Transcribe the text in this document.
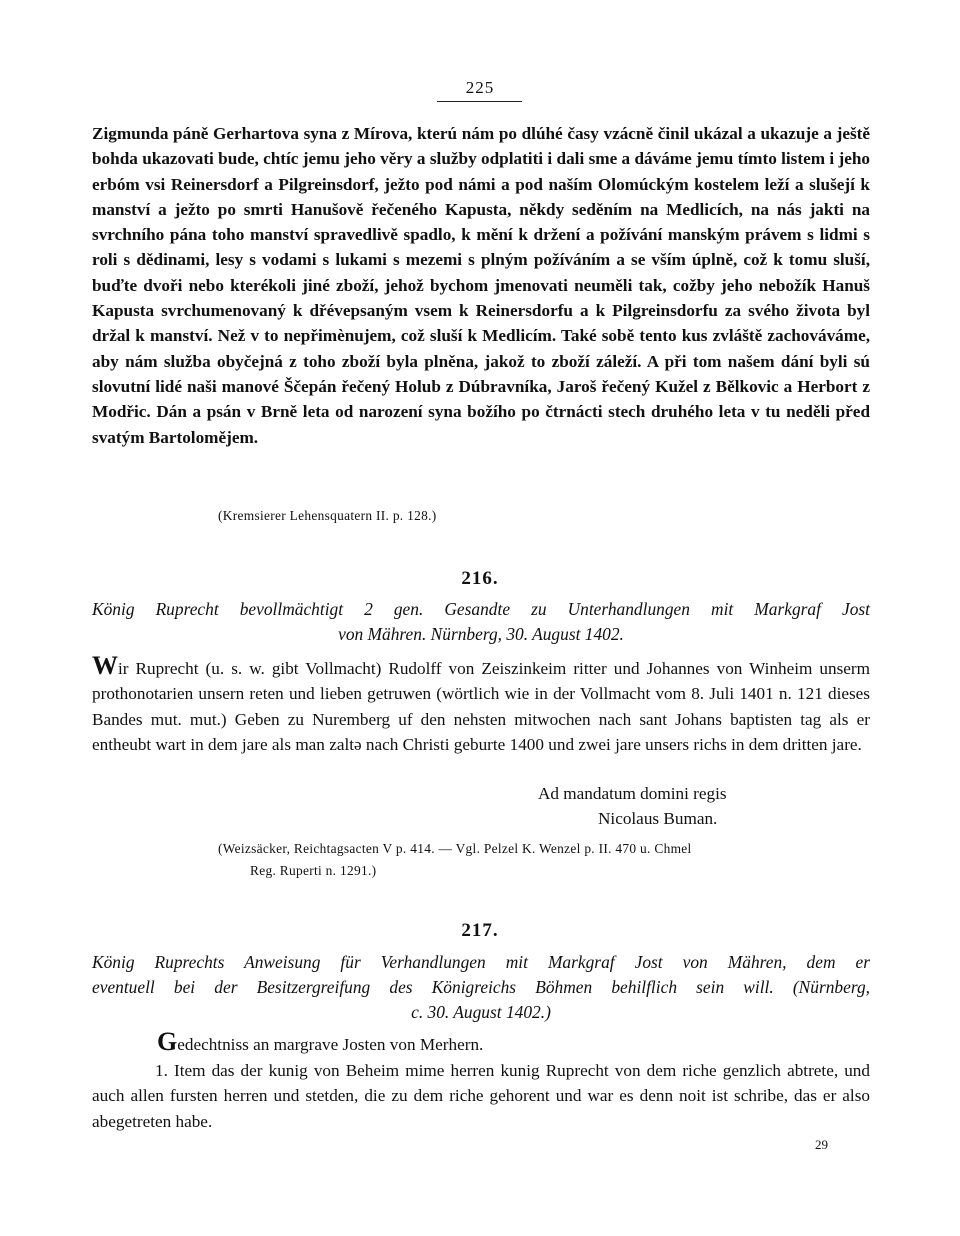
225

Zigmunda páně Gerhartova syna z Mírova, kterú nám po dlúhé časy vzácně činil ukázal a ukazuje a ještě bohda ukazovati bude, chtíc jemu jeho věry a služby odplatiti i dali sme a dáváme jemu tímto listem i jeho erbóm vsi Reinersdorf a Pilgreinsdorf, ježto pod námi a pod naším Olomúckým kostelem leží a slušejí k manství a ježto po smrti Hanušově řečeného Kapusta, někdy seděním na Medlicích, na nás jakti na svrchního pána toho manství spravedlivě spadlo, k mění k držení a požívání manským právem s lidmi s roli s dědinami, lesy s vodami s lukami s mezemi s plným požíváním a se vším úplně, což k tomu sluší, buďte dvoři nebo kterékoli jiné zboží, jehož bychom jmenovati neuměli tak, cožby jeho nebožík Hanuš Kapusta svrchumenovaný k dřévepsaným vsem k Reinersdorfu a k Pilgreinsdorfu za svého života byl držal k manství. Než v to nepřimènujem, což sluší k Medlicím. Také sobě tento kus zvláště zachováváme, aby nám služba obyčejná z toho zboží byla plněna, jakož to zboží záleží. A při tom našem dání byli sú slovutní lidé naši manové Ščepán řečený Holub z Dúbravníka, Jaroš řečený Kužel z Bělkovic a Herbort z Modřic. Dán a psán v Brně leta od narození syna božího po čtrnácti stech druhého leta v tu neděli před svatým Bartolomějem.

(Kremsierer Lehensquatern II. p. 128.)
216.
König Ruprecht bevollmächtigt 2 gen. Gesandte zu Unterhandlungen mit Markgraf Jost
von Mähren. Nürnberg, 30. August 1402.

Wir Ruprecht (u. s. w. gibt Vollmacht) Rudolff von Zeiszinkeim ritter und Johannes von Winheim unserm prothonotarien unsern reten und lieben getruwen (wörtlich wie in der Vollmacht vom 8. Juli 1401 n. 121 dieses Bandes mut. mut.) Geben zu Nuremberg uf den nehsten mitwochen nach sant Johans baptisten tag als er entheubt wart in dem jare als man zaltə nach Christi geburte 1400 und zwei jare unsers richs in dem dritten jare.

Ad mandatum domini regis
Nicolaus Buman.
(Weizsäcker, Reichtagsacten V p. 414. — Vgl. Pelzel K. Wenzel p. II. 470 u. Chmel
Reg. Ruperti n. 1291.)
217.
König Ruprechts Anweisung für Verhandlungen mit Markgraf Jost von Mähren, dem er
eventuell bei der Besitzergreifung des Königreichs Böhmen behilflich sein will. (Nürnberg,
c. 30. August 1402.)
Gedechtniss an margrave Josten von Merhern.

1. Item das der kunig von Beheim mime herren kunig Ruprecht von dem riche genzlich abtrete, und auch allen fursten herren und stetden, die zu dem riche gehorent und war es denn noit ist schribe, das er also abegetreten habe.

29
